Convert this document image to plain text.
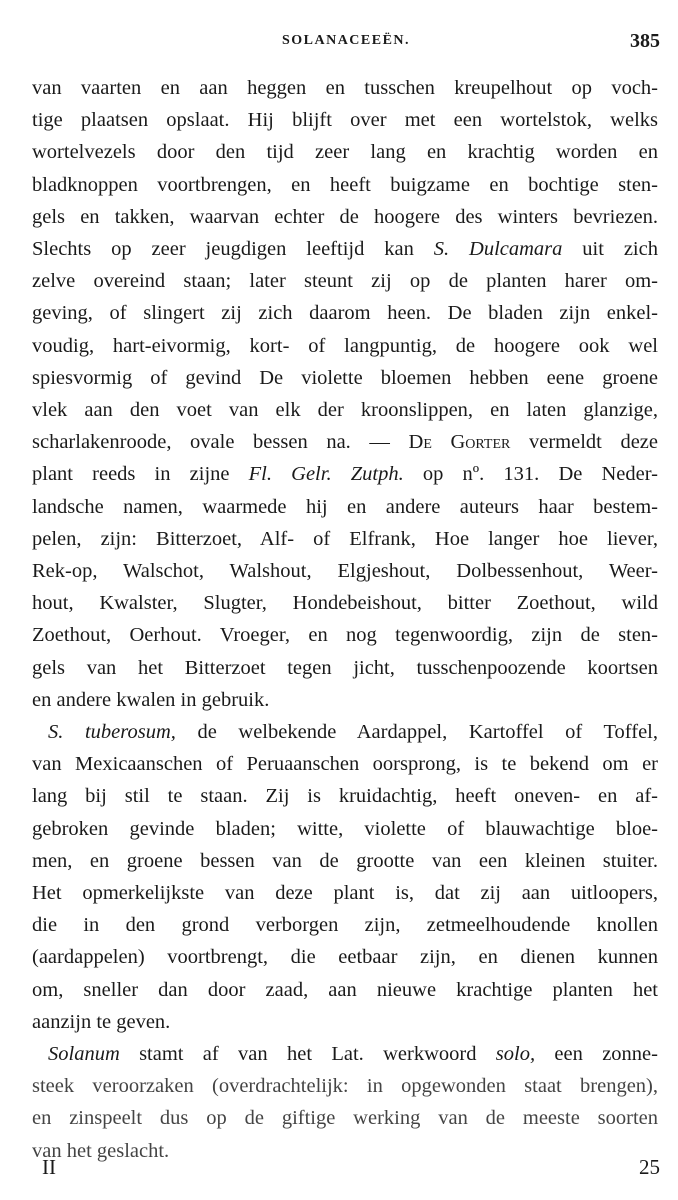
SOLANACEEËN.	385
van vaarten en aan heggen en tusschen kreupelhout op voch-
tige plaatsen opslaat. Hij blijft over met een wortelstok, welks
wortelvezels door den tijd zeer lang en krachtig worden en
bladknoppen voortbrengen, en heeft buigzame en bochtige sten-
gels en takken, waarvan echter de hoogere des winters bevriezen.
Slechts op zeer jeugdigen leeftijd kan S. Dulcamara uit zich
zelve overeind staan; later steunt zij op de planten harer om-
geving, of slingert zij zich daarom heen. De bladen zijn enkel-
voudig, hart-eivormig, kort- of langpuntig, de hoogere ook wel
spiesvormig of gevind De violette bloemen hebben eene groene
vlek aan den voet van elk der kroonslippen, en laten glanzige,
scharlakenroode, ovale bessen na. — De Gorter vermeldt deze
plant reeds in zijne Fl. Gelr. Zutph. op nº. 131. De Neder-
landsche namen, waarmede hij en andere auteurs haar bestem-
pelen, zijn: Bitterzoet, Alf- of Elfrank, Hoe langer hoe liever,
Rek-op, Walschot, Walshout, Elgjeshout, Dolbessenhout, Weer-
hout, Kwalster, Slugter, Hondebeishout, bitter Zoethout, wild
Zoethout, Oerhout. Vroeger, en nog tegenwoordig, zijn de sten-
gels van het Bitterzoet tegen jicht, tusschenpoozende koortsen
en andere kwalen in gebruik.
S. tuberosum, de welbekende Aardappel, Kartoffel of Toffel,
van Mexicaanschen of Peruaanschen oorsprong, is te bekend om er
lang bij stil te staan. Zij is kruidachtig, heeft oneven- en af-
gebroken gevinde bladen; witte, violette of blauwachtige bloe-
men, en groene bessen van de grootte van een kleinen stuiter.
Het opmerkelijkste van deze plant is, dat zij aan uitloopers,
die in den grond verborgen zijn, zetmeelhoudende knollen
(aardappelen) voortbrengt, die eetbaar zijn, en dienen kunnen
om, sneller dan door zaad, aan nieuwe krachtige planten het
aanzijn te geven.
Solanum stamt af van het Lat. werkwoord solo, een zonne-
steek veroorzaken (overdrachtelijk: in opgewonden staat brengen),
en zinspeelt dus op de giftige werking van de meeste soorten
van het geslacht.
II	25
